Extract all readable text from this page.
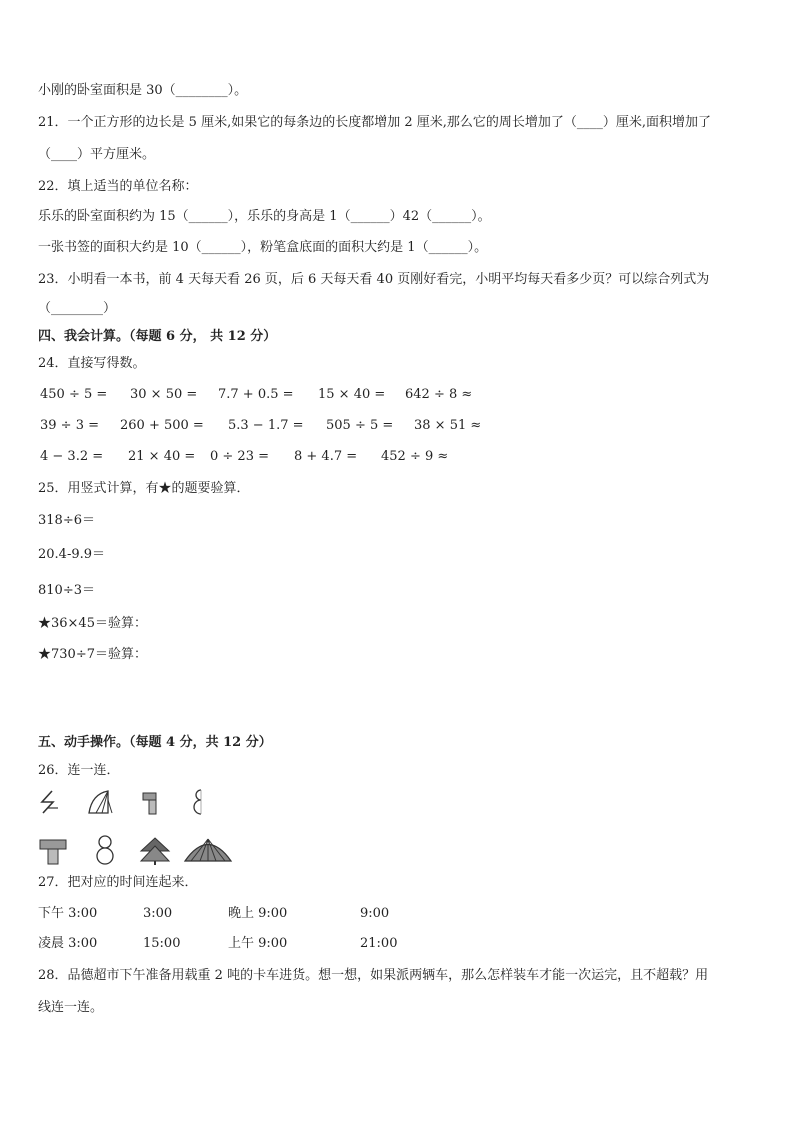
小刚的卧室面积是 30（________）。
21．一个正方形的边长是 5 厘米,如果它的每条边的长度都增加 2 厘米,那么它的周长增加了（____）厘米,面积增加了
（____）平方厘米。
22．填上适当的单位名称：
乐乐的卧室面积约为 15（______），乐乐的身高是 1（______）42（______）。
一张书签的面积大约是 10（______），粉笔盒底面的面积大约是 1（______）。
23．小明看一本书，前 4 天每天看 26 页，后 6 天每天看 40 页刚好看完，小明平均每天看多少页？可以综合列式为
（________）
四、我会计算。（每题 6 分， 共 12 分）
24．直接写得数。
450 ÷ 5 = 30 × 50 = 7.7 + 0.5 = 15 × 40 = 642 ÷ 8 ≈
39 ÷ 3 = 260 + 500 = 5.3 − 1.7 = 505 ÷ 5 = 38 × 51 ≈
4 − 3.2 = 21 × 40 = 0 ÷ 23 = 8 + 4.7 = 452 ÷ 9 ≈
25．用竖式计算，有★的题要验算．
318÷6＝
20.4-9.9＝
810÷3＝
★36×45＝验算：
★730÷7＝验算：
五、动手操作。（每题 4 分，共 12 分）
26．连一连．
27．把对应的时间连起来．
下午 3:00	3:00	晚上 9:00	9:00
凌晨 3:00	15:00	上午 9:00	21:00
28．品德超市下午准备用载重 2 吨的卡车进货。想一想，如果派两辆车，那么怎样装车才能一次运完，且不超载？用
线连一连。
